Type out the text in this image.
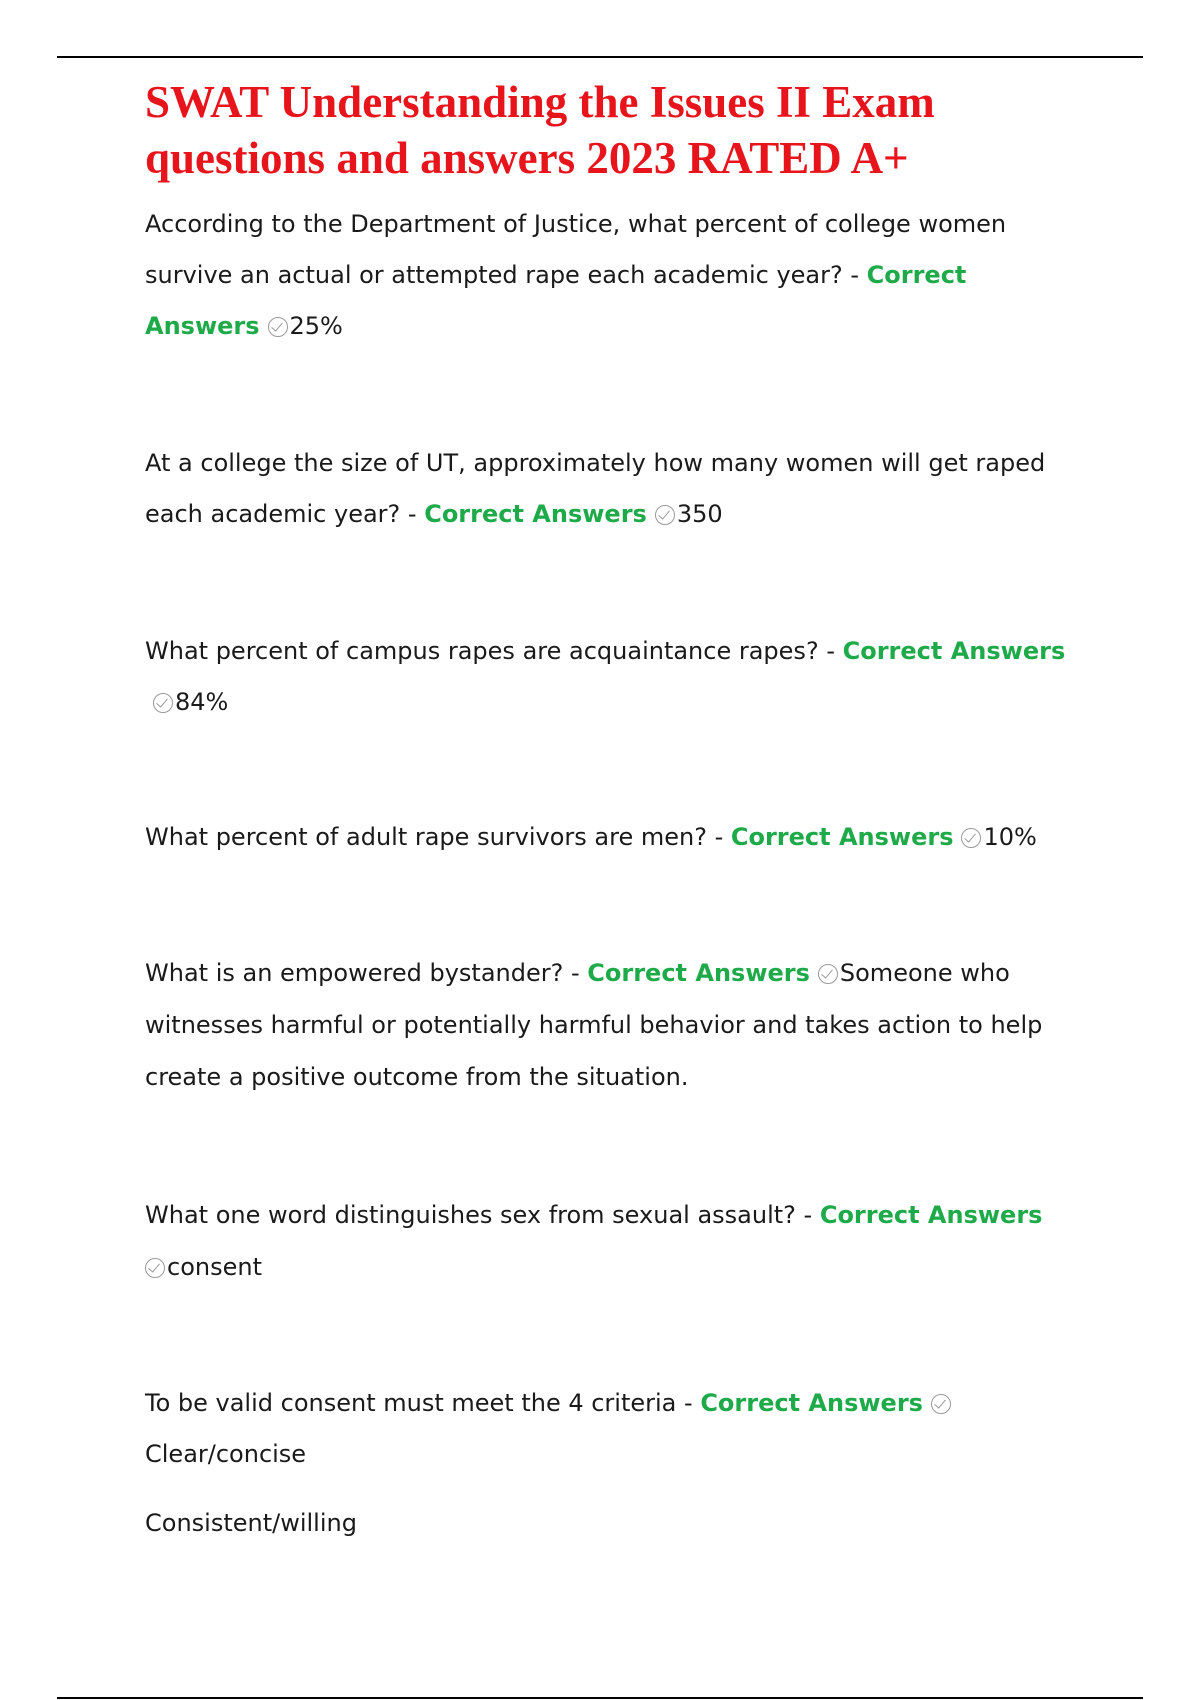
SWAT Understanding the Issues II Exam questions and answers 2023 RATED A+

According to the Department of Justice, what percent of college women survive an actual or attempted rape each academic year? - Correct Answers 25%

At a college the size of UT, approximately how many women will get raped each academic year? - Correct Answers 350

What percent of campus rapes are acquaintance rapes? - Correct Answers84%

What percent of adult rape survivors are men? - Correct Answers 10%

What is an empowered bystander? - Correct Answers Someone who witnesses harmful or potentially harmful behavior and takes action to help create a positive outcome from the situation.

What one word distinguishes sex from sexual assault? - Correct Answers
consent

To be valid consent must meet the 4 criteria - Correct AnswersClear/concise

Consistent/willing
